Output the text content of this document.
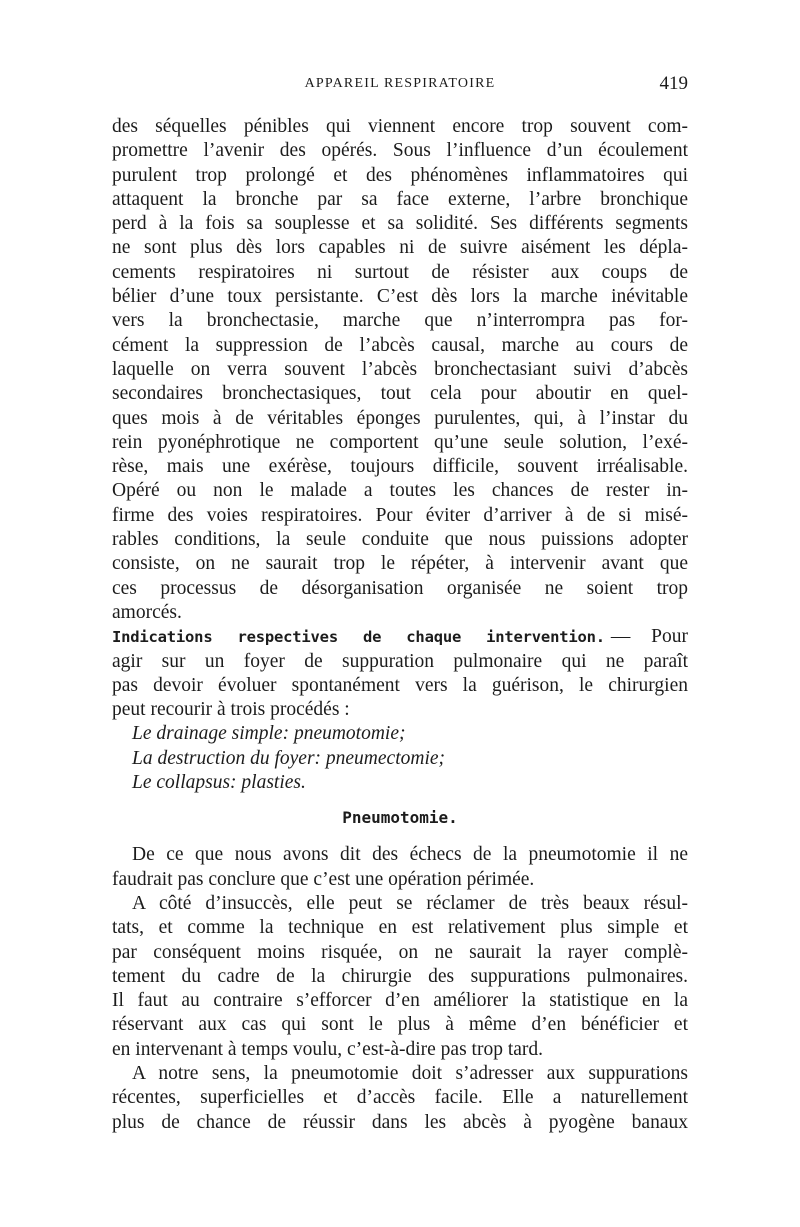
APPAREIL RESPIRATOIRE	419
des séquelles pénibles qui viennent encore trop souvent com-
promettre l’avenir des opérés. Sous l’influence d’un écoulement
purulent trop prolongé et des phénomènes inflammatoires qui
attaquent la bronche par sa face externe, l’arbre bronchique
perd à la fois sa souplesse et sa solidité. Ses différents segments
ne sont plus dès lors capables ni de suivre aisément les dépla-
cements respiratoires ni surtout de résister aux coups de
bélier d’une toux persistante. C’est dès lors la marche inévitable
vers la bronchectasie, marche que n’interrompra pas for-
cément la suppression de l’abcès causal, marche au cours de
laquelle on verra souvent l’abcès bronchectasiant suivi d’abcès
secondaires bronchectasiques, tout cela pour aboutir en quel-
ques mois à de véritables éponges purulentes, qui, à l’instar du
rein pyonéphrotique ne comportent qu’une seule solution, l’exé-
rèse, mais une exérèse, toujours difficile, souvent irréalisable.
Opéré ou non le malade a toutes les chances de rester in-
firme des voies respiratoires. Pour éviter d’arriver à de si misé-
rables conditions, la seule conduite que nous puissions adopter
consiste, on ne saurait trop le répéter, à intervenir avant que
ces processus de désorganisation organisée ne soient trop
amorcés.
Indications respectives de chaque intervention. — Pour
agir sur un foyer de suppuration pulmonaire qui ne paraît
pas devoir évoluer spontanément vers la guérison, le chirurgien
peut recourir à trois procédés :
Le drainage simple: pneumotomie;
La destruction du foyer: pneumectomie;
Le collapsus: plasties.
Pneumotomie.
De ce que nous avons dit des échecs de la pneumotomie il ne
faudrait pas conclure que c’est une opération périmée.
A côté d’insuccès, elle peut se réclamer de très beaux résul-
tats, et comme la technique en est relativement plus simple et
par conséquent moins risquée, on ne saurait la rayer complè-
tement du cadre de la chirurgie des suppurations pulmonaires.
Il faut au contraire s’efforcer d’en améliorer la statistique en la
réservant aux cas qui sont le plus à même d’en bénéficier et
en intervenant à temps voulu, c’est-à-dire pas trop tard.
A notre sens, la pneumotomie doit s’adresser aux suppurations
récentes, superficielles et d’accès facile. Elle a naturellement
plus de chance de réussir dans les abcès à pyogène banaux
